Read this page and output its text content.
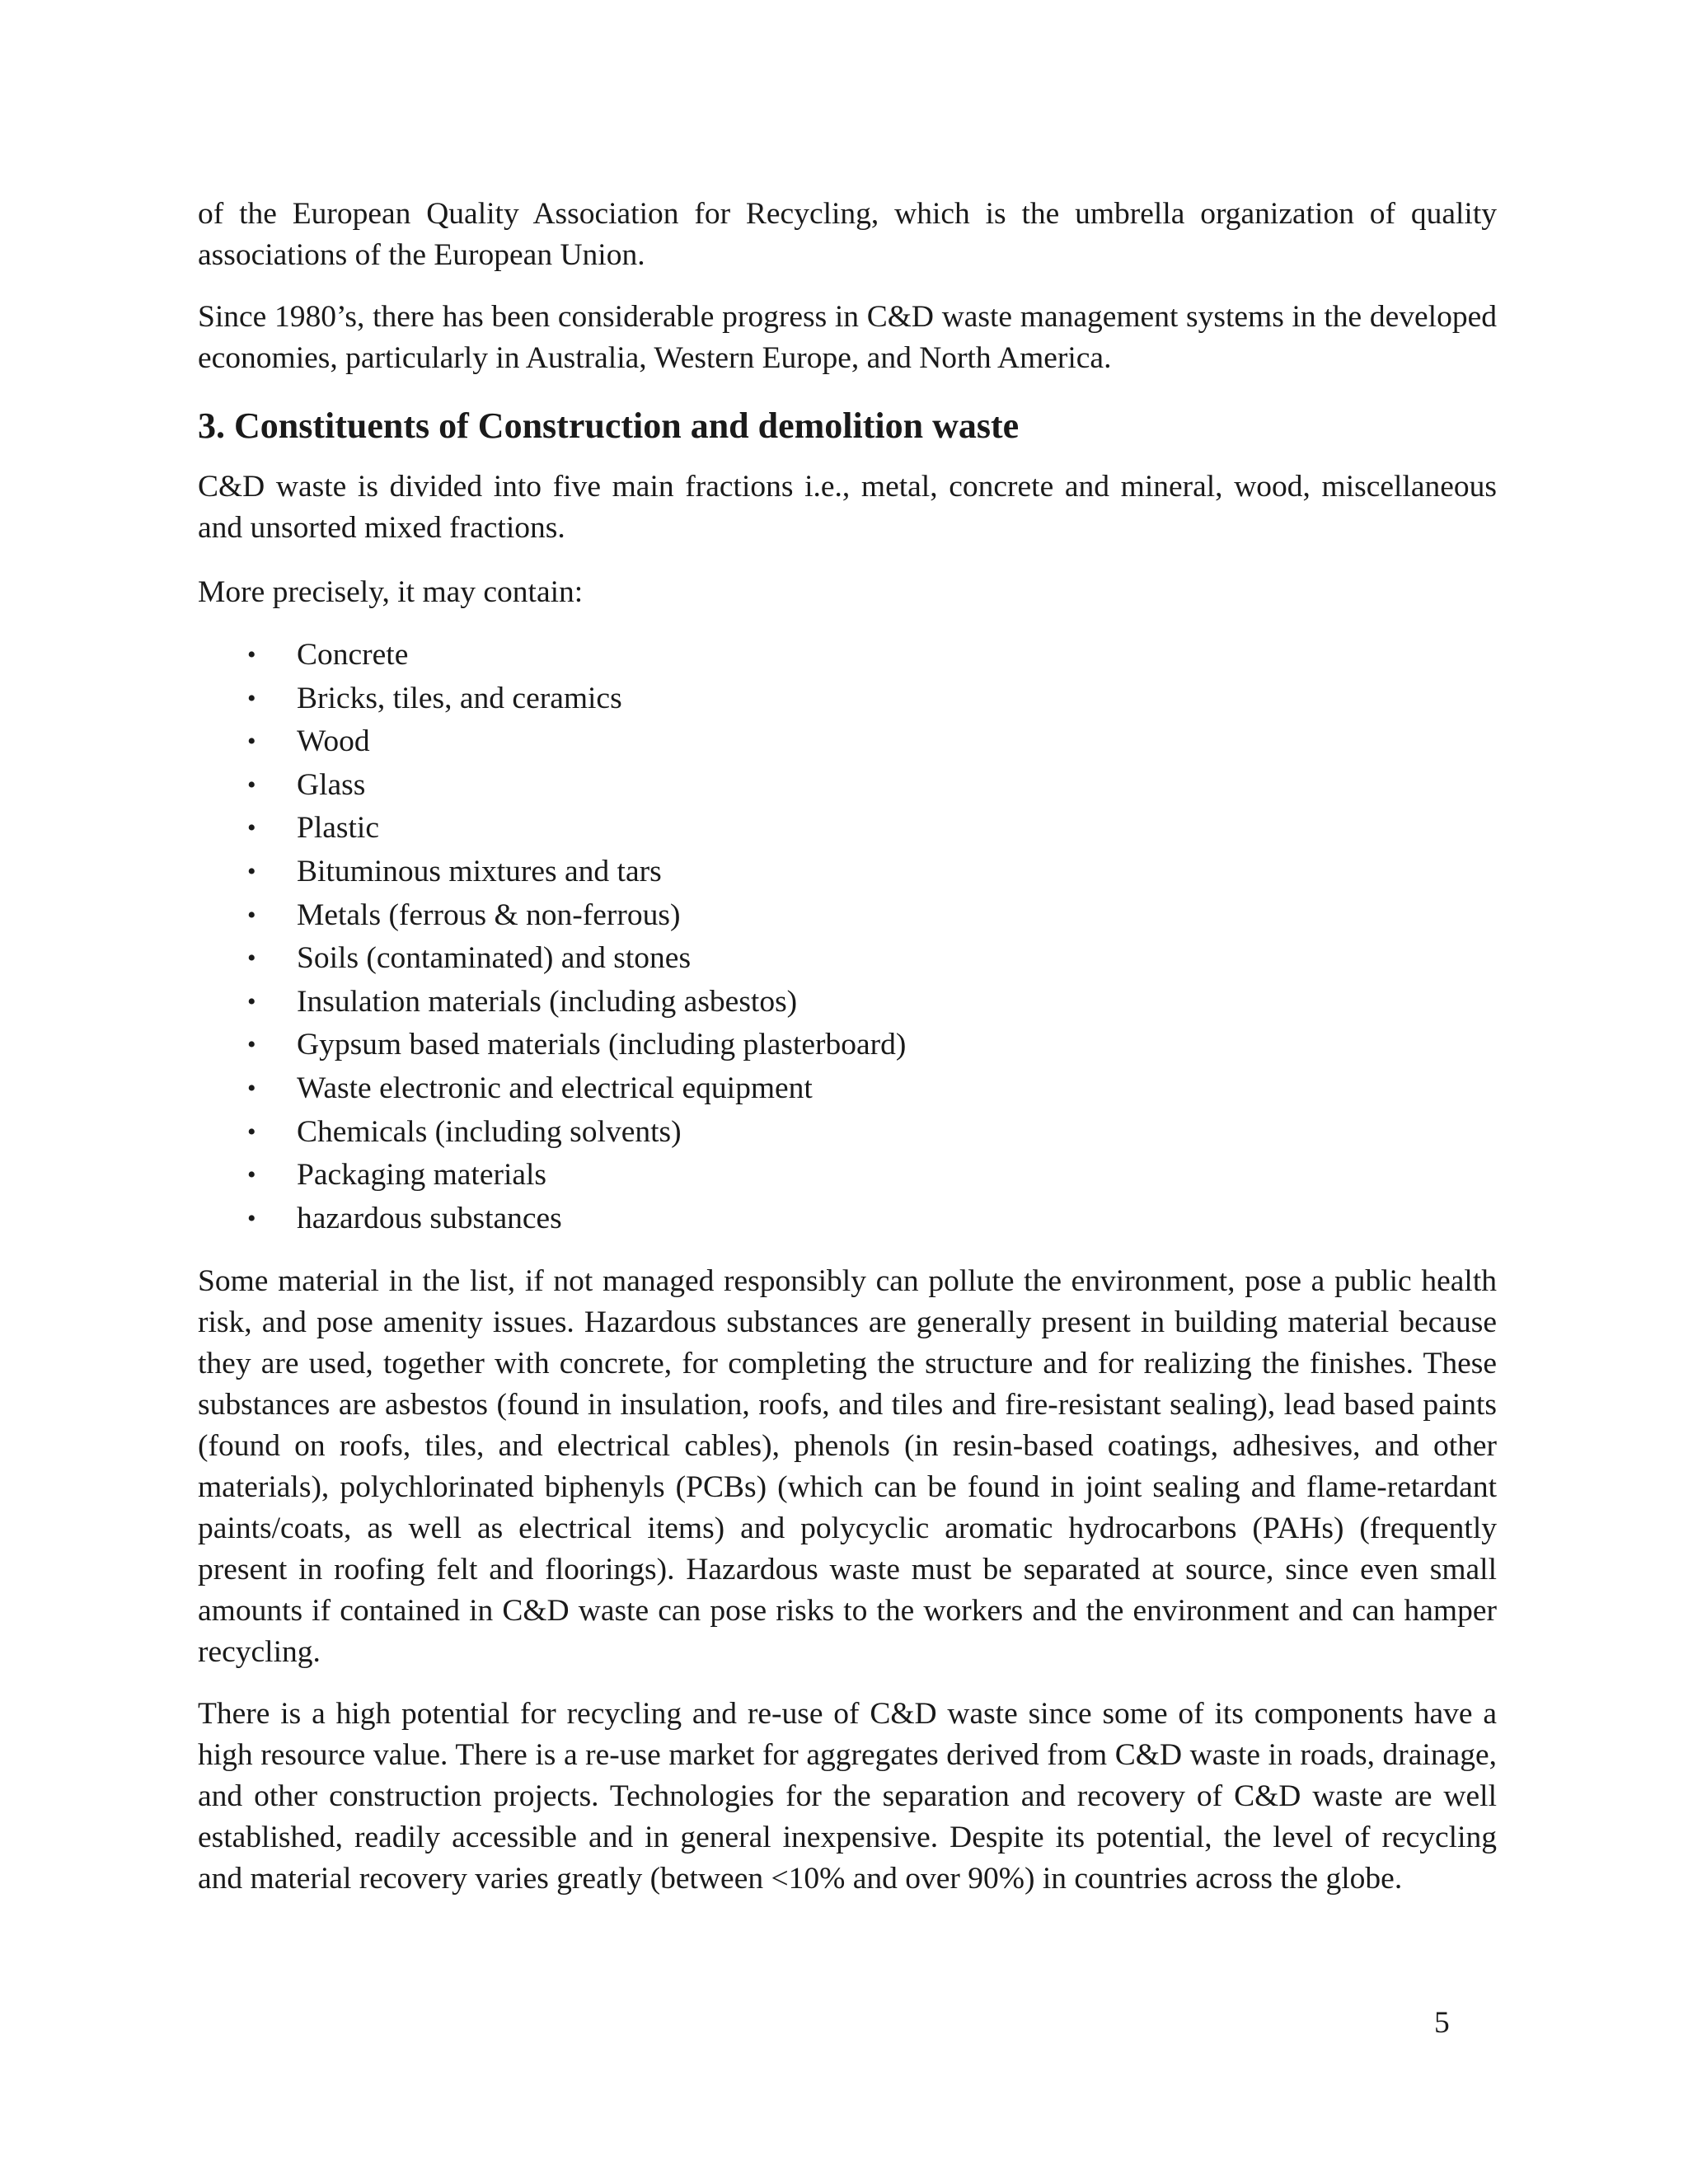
of the European Quality Association for Recycling, which is the umbrella organization of quality associations of the European Union.

Since 1980’s, there has been considerable progress in C&D waste management systems in the developed economies, particularly in Australia, Western Europe, and North America.

3. Constituents of Construction and demolition waste

C&D waste is divided into five main fractions i.e., metal, concrete and mineral, wood, miscellaneous and unsorted mixed fractions.

More precisely, it may contain:

• Concrete
• Bricks, tiles, and ceramics
• Wood
• Glass
• Plastic
• Bituminous mixtures and tars
• Metals (ferrous & non-ferrous)
• Soils (contaminated) and stones
• Insulation materials (including asbestos)
• Gypsum based materials (including plasterboard)
• Waste electronic and electrical equipment
• Chemicals (including solvents)
• Packaging materials
• hazardous substances

Some material in the list, if not managed responsibly can pollute the environment, pose a public health risk, and pose amenity issues. Hazardous substances are generally present in building material because they are used, together with concrete, for completing the structure and for realizing the finishes. These substances are asbestos (found in insulation, roofs, and tiles and fire-resistant sealing), lead based paints (found on roofs, tiles, and electrical cables), phenols (in resin-based coatings, adhesives, and other materials), polychlorinated biphenyls (PCBs) (which can be found in joint sealing and flame-retardant paints/coats, as well as electrical items) and polycyclic aromatic hydrocarbons (PAHs) (frequently present in roofing felt and floorings). Hazardous waste must be separated at source, since even small amounts if contained in C&D waste can pose risks to the workers and the environment and can hamper recycling.

There is a high potential for recycling and re-use of C&D waste since some of its components have a high resource value. There is a re-use market for aggregates derived from C&D waste in roads, drainage, and other construction projects. Technologies for the separation and recovery of C&D waste are well established, readily accessible and in general inexpensive. Despite its potential, the level of recycling and material recovery varies greatly (between <10% and over 90%) in countries across the globe.

5
